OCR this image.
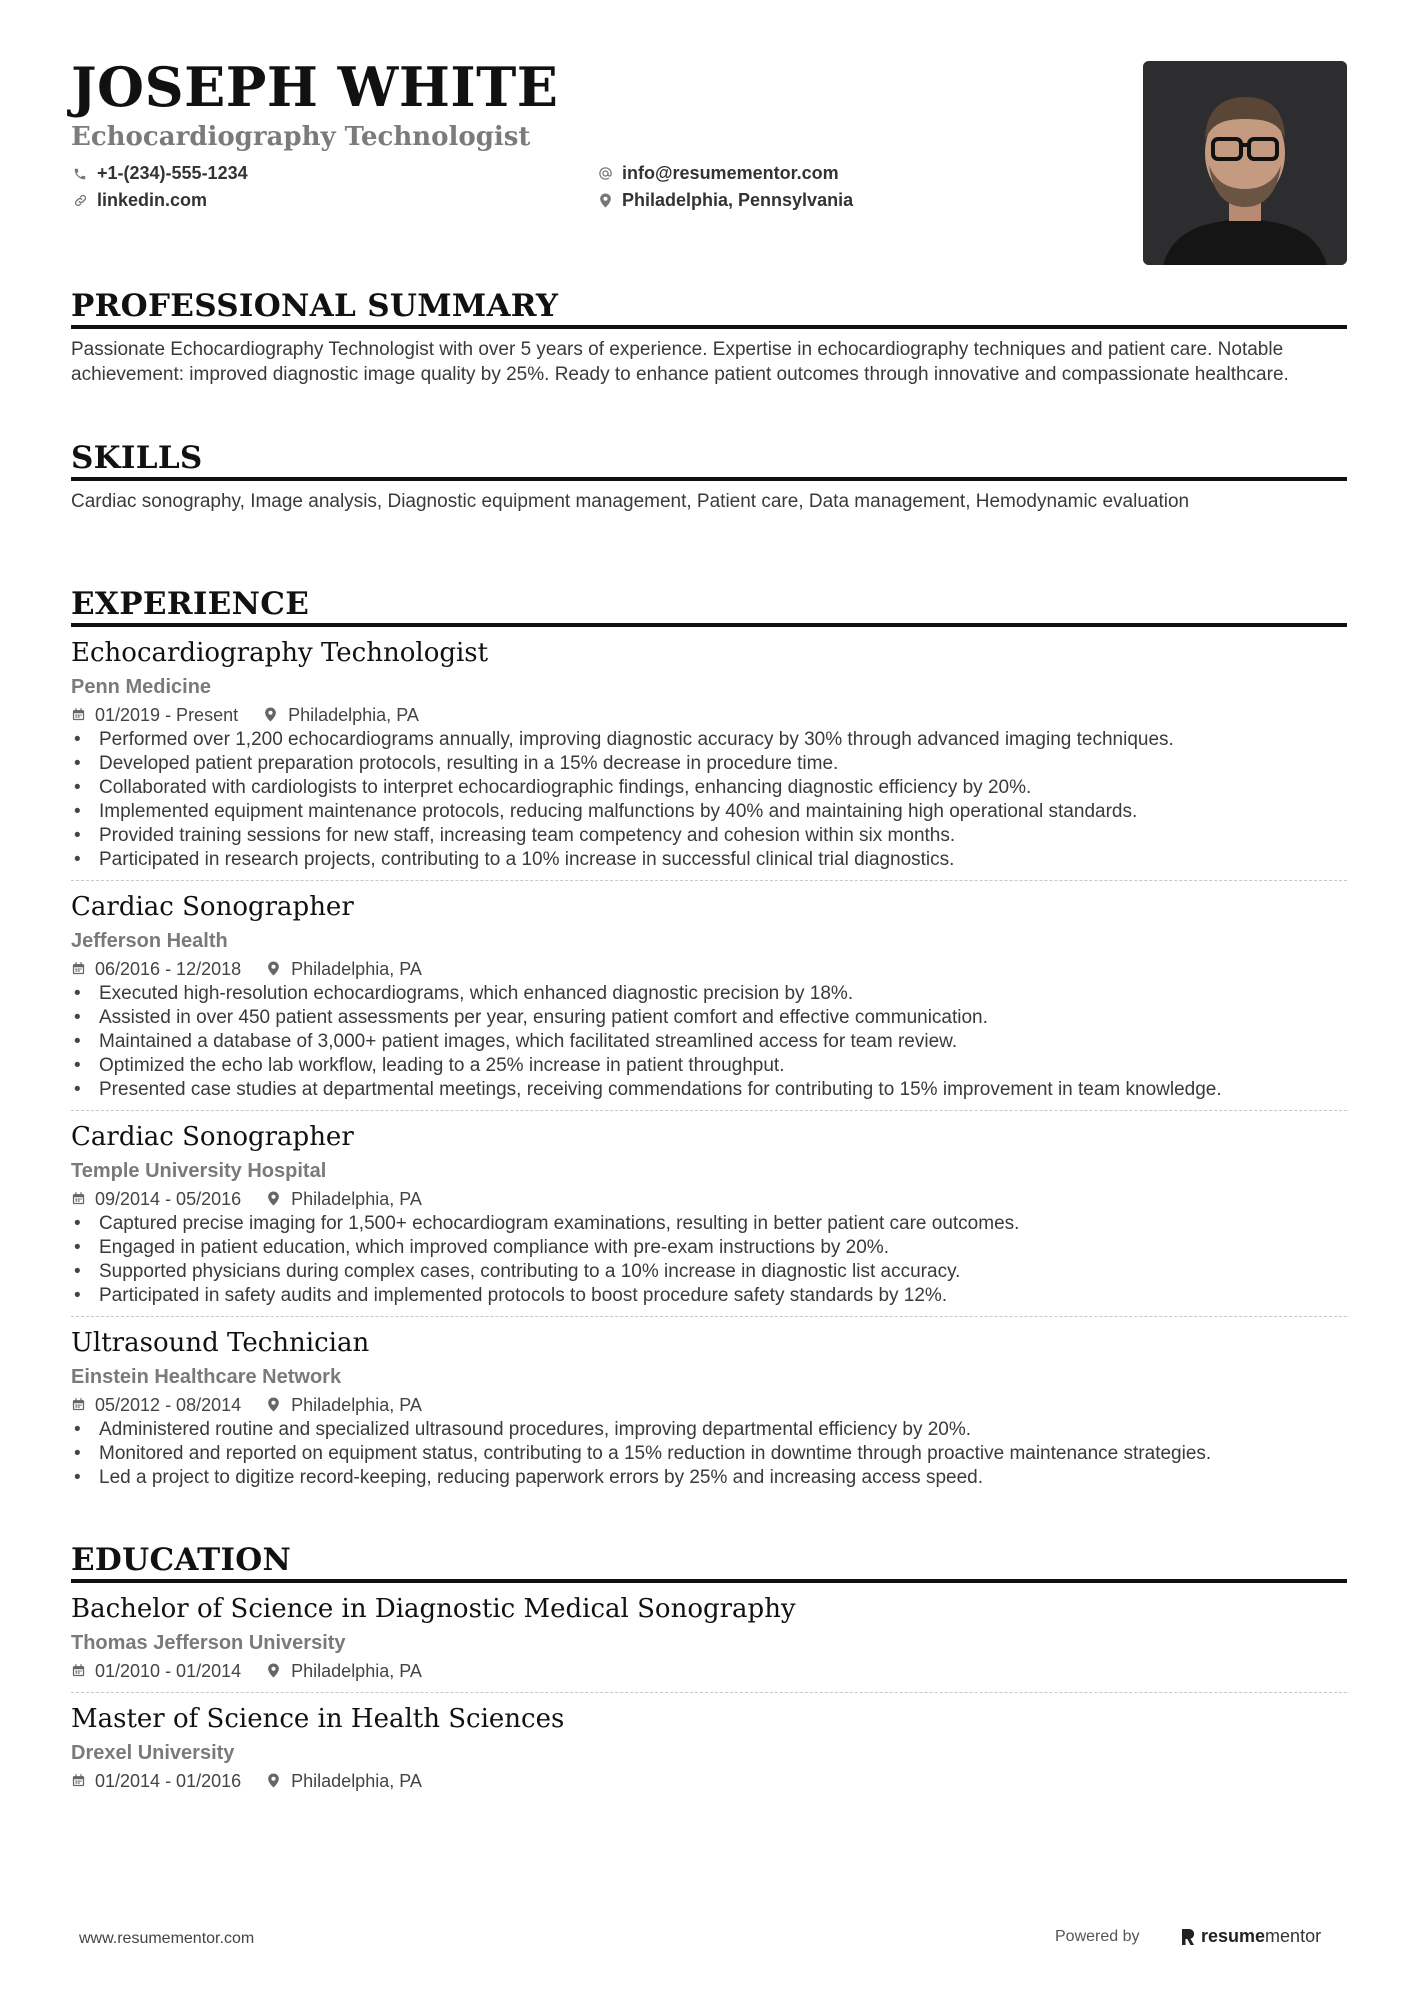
JOSEPH WHITE
Echocardiography Technologist
+1-(234)-555-1234
linkedin.com
info@resumementor.com
Philadelphia, Pennsylvania
PROFESSIONAL SUMMARY

Passionate Echocardiography Technologist with over 5 years of experience. Expertise in echocardiography techniques and patient care. Notable achievement: improved diagnostic image quality by 25%. Ready to enhance patient outcomes through innovative and compassionate healthcare.

SKILLS

Cardiac sonography, Image analysis, Diagnostic equipment management, Patient care, Data management, Hemodynamic evaluation

EXPERIENCE
Echocardiography Technologist
Penn Medicine
01/2019 - Present	Philadelphia, PA
• Performed over 1,200 echocardiograms annually, improving diagnostic accuracy by 30% through advanced imaging techniques.
• Developed patient preparation protocols, resulting in a 15% decrease in procedure time.
• Collaborated with cardiologists to interpret echocardiographic findings, enhancing diagnostic efficiency by 20%.
• Implemented equipment maintenance protocols, reducing malfunctions by 40% and maintaining high operational standards.
• Provided training sessions for new staff, increasing team competency and cohesion within six months.
• Participated in research projects, contributing to a 10% increase in successful clinical trial diagnostics.
Cardiac Sonographer
Jefferson Health
06/2016 - 12/2018	Philadelphia, PA
• Executed high-resolution echocardiograms, which enhanced diagnostic precision by 18%.
• Assisted in over 450 patient assessments per year, ensuring patient comfort and effective communication.
• Maintained a database of 3,000+ patient images, which facilitated streamlined access for team review.
• Optimized the echo lab workflow, leading to a 25% increase in patient throughput.
• Presented case studies at departmental meetings, receiving commendations for contributing to 15% improvement in team knowledge.
Cardiac Sonographer
Temple University Hospital
09/2014 - 05/2016	Philadelphia, PA
• Captured precise imaging for 1,500+ echocardiogram examinations, resulting in better patient care outcomes.
• Engaged in patient education, which improved compliance with pre-exam instructions by 20%.
• Supported physicians during complex cases, contributing to a 10% increase in diagnostic list accuracy.
• Participated in safety audits and implemented protocols to boost procedure safety standards by 12%.
Ultrasound Technician
Einstein Healthcare Network
05/2012 - 08/2014	Philadelphia, PA
• Administered routine and specialized ultrasound procedures, improving departmental efficiency by 20%.
• Monitored and reported on equipment status, contributing to a 15% reduction in downtime through proactive maintenance strategies.
• Led a project to digitize record-keeping, reducing paperwork errors by 25% and increasing access speed.
EDUCATION
Bachelor of Science in Diagnostic Medical Sonography
Thomas Jefferson University
01/2010 - 01/2014	Philadelphia, PA
Master of Science in Health Sciences
Drexel University
01/2014 - 01/2016	Philadelphia, PA
www.resumementor.com	Powered by	resume mentor
